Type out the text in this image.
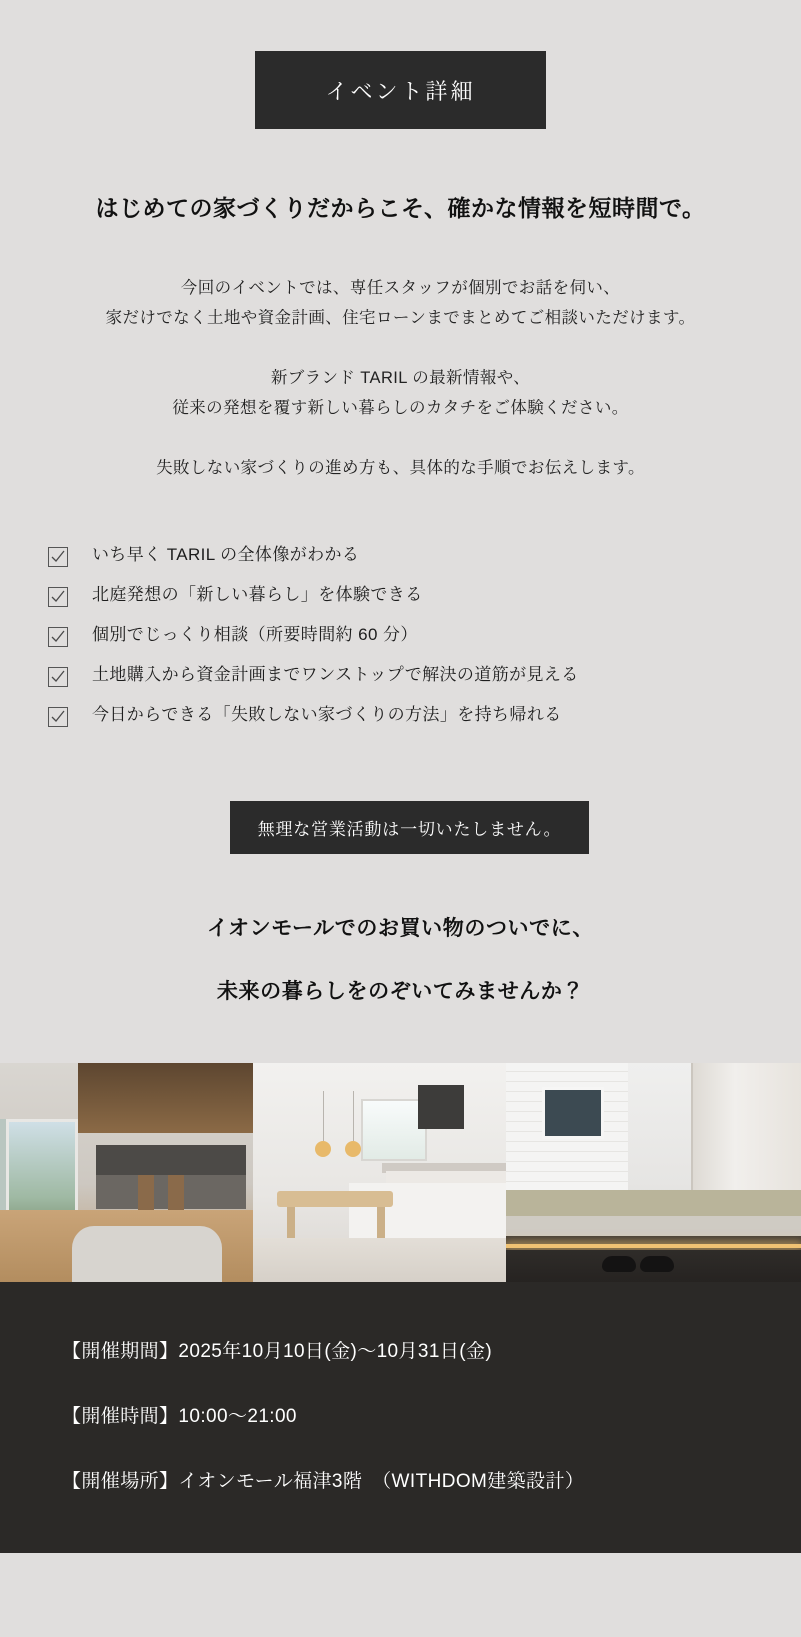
イベント詳細
はじめての家づくりだからこそ、確かな情報を短時間で。
今回のイベントでは、専任スタッフが個別でお話を伺い、
家だけでなく土地や資金計画、住宅ローンまでまとめてご相談いただけます。
新ブランド TARIL の最新情報や、
従来の発想を覆す新しい暮らしのカタチをご体験ください。
失敗しない家づくりの進め方も、具体的な手順でお伝えします。
いち早く TARIL の全体像がわかる
北庭発想の「新しい暮らし」を体験できる
個別でじっくり相談（所要時間約 60 分）
土地購入から資金計画までワンストップで解決の道筋が見える
今日からできる「失敗しない家づくりの方法」を持ち帰れる
無理な営業活動は一切いたしません。
イオンモールでのお買い物のついでに、
未来の暮らしをのぞいてみませんか？
【開催期間】2025年10月10日(金)〜10月31日(金)
【開催時間】10:00〜21:00
【開催場所】イオンモール福津3階　（WITHDOM建築設計）
